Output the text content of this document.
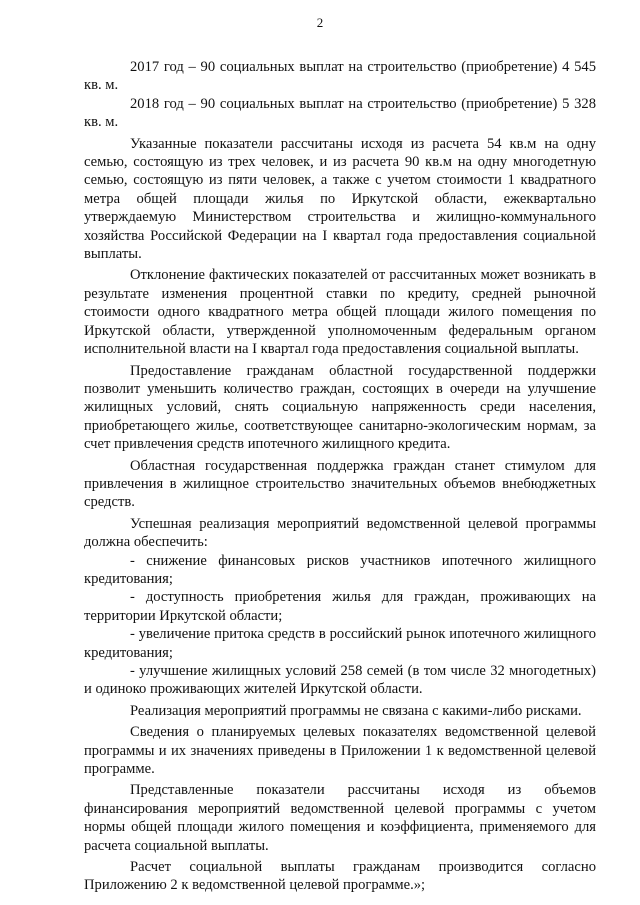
2

2017 год – 90 социальных выплат на строительство (приобретение) 4 545 кв. м.

2018 год – 90 социальных выплат на строительство (приобретение) 5 328 кв. м.

Указанные показатели рассчитаны исходя из расчета 54 кв.м на одну семью, состоящую из трех человек, и из расчета 90 кв.м на одну многодетную семью, состоящую из пяти человек, а также с учетом стоимости 1 квадратного метра общей площади жилья по Иркутской области, ежеквартально утверждаемую Министерством строительства и жилищно-коммунального хозяйства Российской Федерации на I квартал года предоставления социальной выплаты.

Отклонение фактических показателей от рассчитанных может возникать в результате изменения процентной ставки по кредиту, средней рыночной стоимости одного квадратного метра общей площади жилого помещения по Иркутской области, утвержденной уполномоченным федеральным органом исполнительной власти на I квартал года предоставления социальной выплаты.

Предоставление гражданам областной государственной поддержки позволит уменьшить количество граждан, состоящих в очереди на улучшение жилищных условий, снять социальную напряженность среди населения, приобретающего жилье, соответствующее санитарно-экологическим нормам, за счет привлечения средств ипотечного жилищного кредита.

Областная государственная поддержка граждан станет стимулом для привлечения в жилищное строительство значительных объемов внебюджетных средств.

Успешная реализация мероприятий ведомственной целевой программы должна обеспечить:

- снижение финансовых рисков участников ипотечного жилищного кредитования;

- доступность приобретения жилья для граждан, проживающих на территории Иркутской области;

- увеличение притока средств в российский рынок ипотечного жилищного кредитования;

- улучшение жилищных условий 258 семей (в том числе 32 многодетных) и одиноко проживающих жителей Иркутской области.

Реализация мероприятий программы не связана с какими-либо рисками.

Сведения о планируемых целевых показателях ведомственной целевой программы и их значениях приведены в Приложении 1 к ведомственной целевой программе.

Представленные показатели рассчитаны исходя из объемов финансирования мероприятий ведомственной целевой программы с учетом нормы общей площади жилого помещения и коэффициента, применяемого для расчета социальной выплаты.

Расчет социальной выплаты гражданам производится согласно Приложению 2 к ведомственной целевой программе.»;
